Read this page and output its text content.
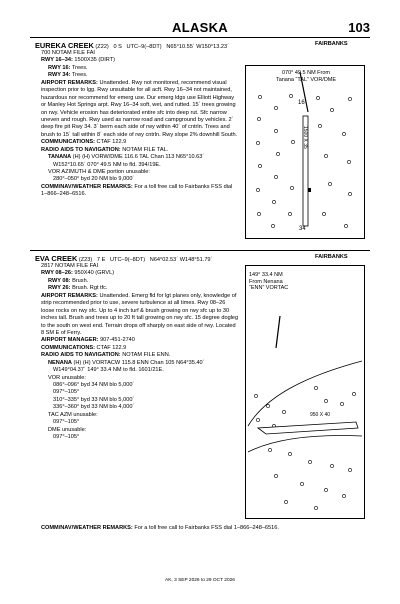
ALASKA	103
FAIRBANKS

EUREKA CREEK (Z22) 0 S UTC–9(–8DT) N65°10.55´ W150°13.23´

700 NOTAM FILE FAI

RWY 16–34: 1500X35 (DIRT)

RWY 16: Trees.

RWY 34: Trees.

AIRPORT REMARKS: Unattended. Rwy not monitored, recommend visual inspection prior to lgg. Rwy unsuitable for all acft. Rwy 16–34 not maintained, hazardous nor recommend for emerg use. Dur emerg ldgs use Elliott Highway or Manley Hot Springs arpt. Rwy 16–34 soft, wet, and rutted. 15´ trees growing on rwy. Vehicle erosion has deteriorated entire sfc into deep rut. Sfc narrow uneven and rough. Rwy used as narrow road and campground by vehicles. 2´ deep fire pit Rwy 34. 3´ berm each side of rwy within 40´ of cntrln. Trees and brush to 15´ tall within 8´ each side of rwy cntrln. Rwy slope 2% downhill South.

COMMUNICATIONS: CTAF 122.9

RADIO AIDS TO NAVIGATION: NOTAM FILE TAL.

TANANA (H) (H) VORW/DME 116.6 TAL Chan 113 N65°10.63´

W152°10.65´ 070° 49.5 NM to fld. 394/19E.

VOR AZIMUTH & DME portion unusable:

280°–050° byd 20 NM blo 9,000´

COMM/NAV/WEATHER REMARKS: For a toll free call to Fairbanks FSS dial 1–866–248–6516.

070° 49.5 NM From
Tanana “TAL” VOR/DME
16
34
1500 X 35
FAIRBANKS

EVA CREEK (Z23) 7 E UTC–9(–8DT) N64°02.53´ W148°51.79´

2817 NOTAM FILE FAI

RWY 08–26: 950X40 (GRVL)

RWY 08: Brush.

RWY 26: Brush. Rgt tfc.

AIRPORT REMARKS: Unattended. Emerg fld for lgt planes only, knowledge of strip recommended prior to use, severe turbulence at all times. Rwy 08–26 loose rocks on rwy sfc. Up to 4 inch turf & brush growing on rwy sfc up to 30 inches tall. Brush and trees up to 20 ft tall growing on rwy sfc. 15 degree dogleg to the south on west end. Terrain drops off sharply on east side of rwy. Located 8 SM E of Ferry.

AIRPORT MANAGER: 907-451-2740

COMMUNICATIONS: CTAF 122.9

RADIO AIDS TO NAVIGATION: NOTAM FILE ENN.

NENANA (H) (H) VORTACW 115.8 ENN Chan 105 N64°35.40´

W149°04.37´ 149° 33.4 NM to fld. 1601/21E.

VOR unusable:

086°–096° byd 34 NM blo 5,000´

097°–105°

310°–335° byd 33 NM blo 5,000´

336°–360° byd 33 NM blo 4,000´

TAC AZM unusable:

097°–105°

DME unusable:

097°–105°

COMM/NAV/WEATHER REMARKS: For a toll free call to Fairbanks FSS dial 1–866–248–6516.

149° 33.4 NM
From Nenana
“ENN” VORTAC
950 X 40
AK, 3 SEP 2026 to 29 OCT 2026
